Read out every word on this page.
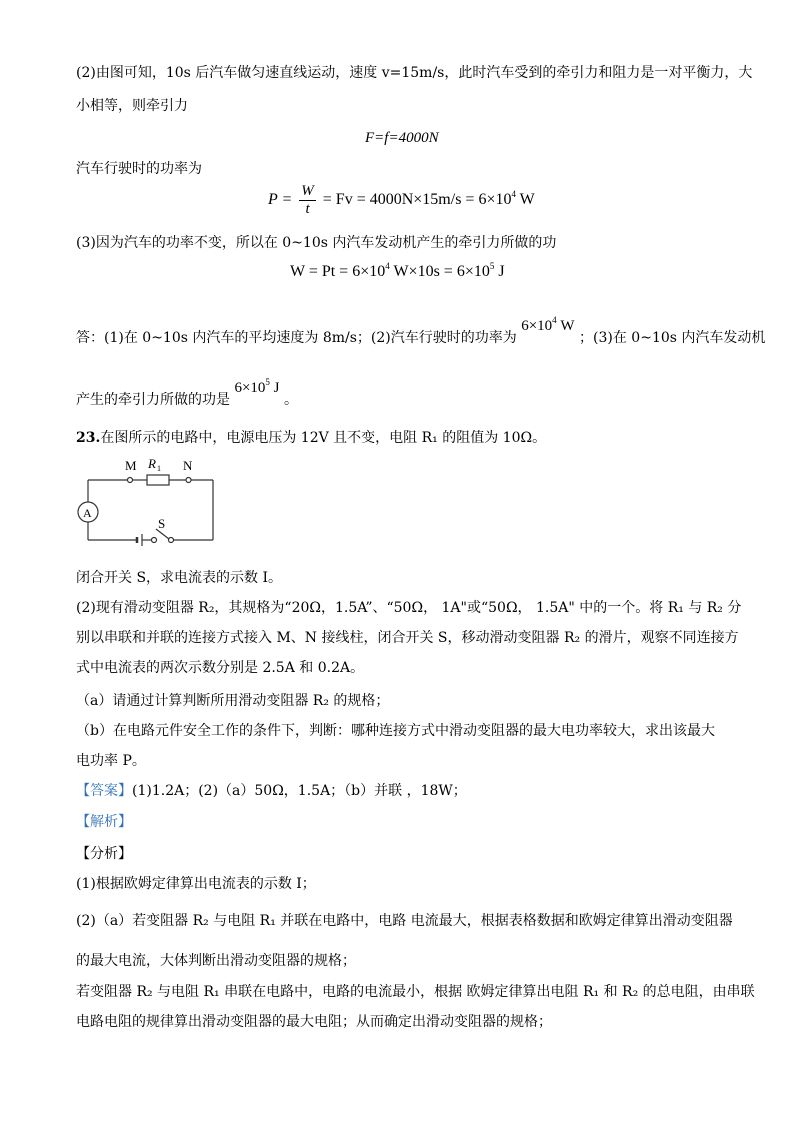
(2)由图可知，10s 后汽车做匀速直线运动，速度 v=15m/s，此时汽车受到的牵引力和阻力是一对平衡力，大
小相等，则牵引力
F=f=4000N
汽车行驶时的功率为
$P = \frac{W}{t} = Fv = 4000N\times 15m/s = 6\times 10^4$ W
(3)因为汽车的功率不变，所以在 0~10s 内汽车发动机产生的牵引力所做的功
$W = Pt = 6\times 10^4$ $W\times 10s = 6\times 10^5$ J
答：(1)在 0~10s 内汽车的平均速度为 8m/s；(2)汽车行驶时的功率为 $6\times 10^4$ W ；(3)在 0~10s 内汽车发动机
产生的牵引力所做的功是 $6\times 10^5$ J 。
23.在图所示的电路中，电源电压为 12V 且不变，电阻 R₁ 的阻值为 10Ω。
M R 1 N
A
S
闭合开关 S，求电流表的示数 I。
(2)现有滑动变阻器 R₂，其规格为“20Ω，1.5A”、“50Ω， 1A"或“50Ω， 1.5A" 中的一个。将 R₁ 与 R₂ 分
别以串联和并联的连接方式接入 M、N 接线柱，闭合开关 S，移动滑动变阻器 R₂ 的滑片，观察不同连接方
式中电流表的两次示数分别是 2.5A 和 0.2A。
（a）请通过计算判断所用滑动变阻器 R₂ 的规格；
（b）在电路元件安全工作的条件下，判断：哪种连接方式中滑动变阻器的最大电功率较大，求出该最大
电功率 P。
【答案】(1)1.2A；(2)（a）50Ω，1.5A；（b）并联 ，18W；
【解析】
【分析】
(1)根据欧姆定律算出电流表的示数 I；
(2)（a）若变阻器 R₂ 与电阻 R₁ 并联在电路中，电路 电流最大，根据表格数据和欧姆定律算出滑动变阻器
的最大电流，大体判断出滑动变阻器的规格；
若变阻器 R₂ 与电阻 R₁ 串联在电路中，电路的电流最小，根据 欧姆定律算出电阻 R₁ 和 R₂ 的总电阻，由串联
电路电阻的规律算出滑动变阻器的最大电阻；从而确定出滑动变阻器的规格；
